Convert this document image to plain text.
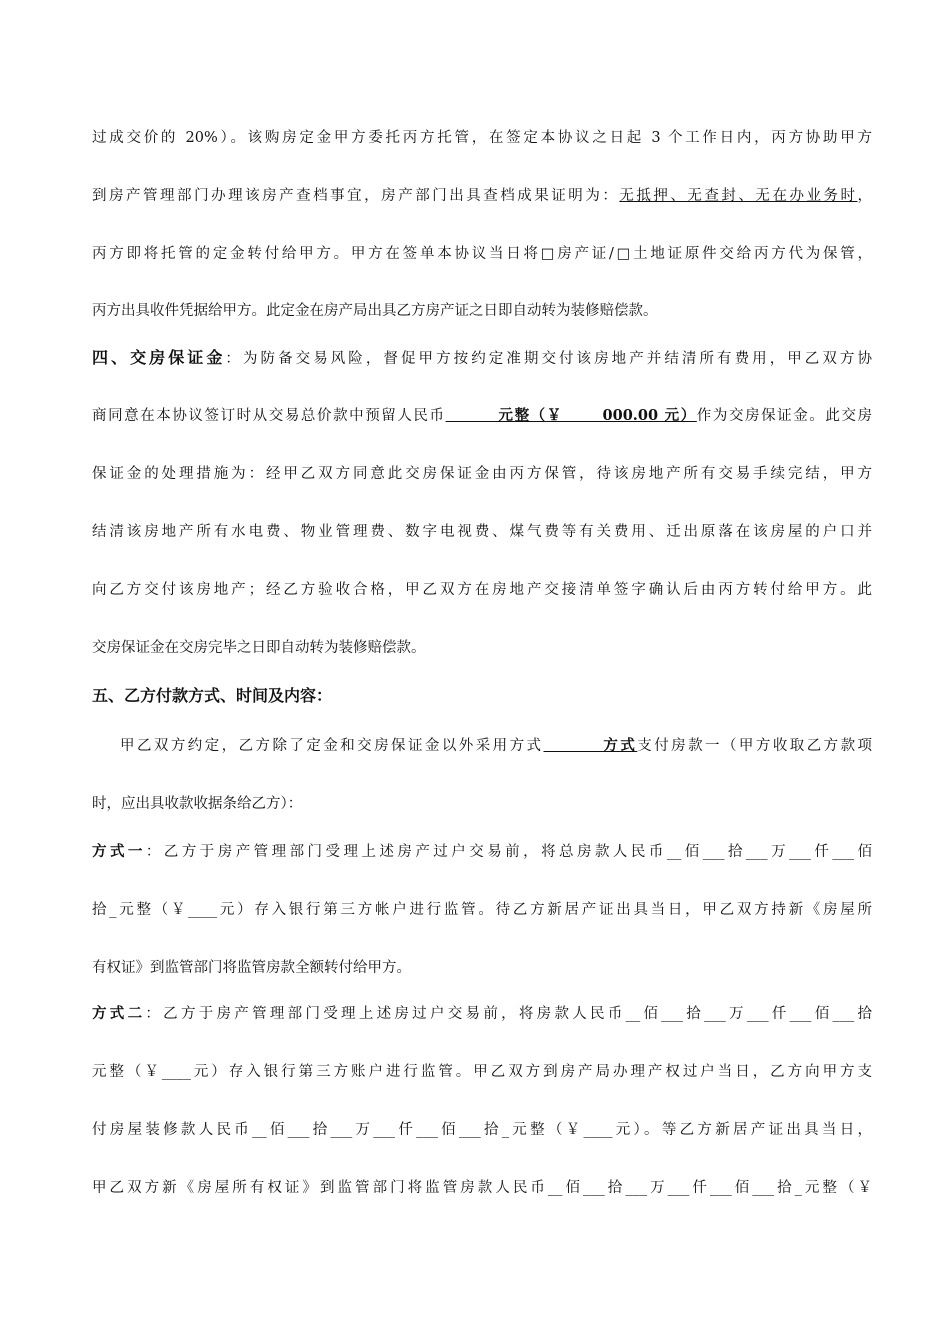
过成交价的 20%）。该购房定金甲方委托丙方托管，在签定本协议之日起 3 个工作日内，丙方协助甲方
到房产管理部门办理该房产查档事宜，房产部门出具查档成果证明为：无抵押、无查封、无在办业务时，
丙方即将托管的定金转付给甲方。甲方在签单本协议当日将□房产证/□土地证原件交给丙方代为保管，
丙方出具收件凭据给甲方。此定金在房产局出具乙方房产证之日即自动转为装修赔偿款。
四、交房保证金：为防备交易风险，督促甲方按约定准期交付该房地产并结清所有费用，甲乙双方协
商同意在本协议签订时从交易总价款中预留人民币        元整（￥      000.00 元）作为交房保证金。此交房
保证金的处理措施为：经甲乙双方同意此交房保证金由丙方保管，待该房地产所有交易手续完结，甲方
结清该房地产所有水电费、物业管理费、数字电视费、煤气费等有关费用、迁出原落在该房屋的户口并
向乙方交付该房地产；经乙方验收合格，甲乙双方在房地产交接清单签字确认后由丙方转付给甲方。此
交房保证金在交房完毕之日即自动转为装修赔偿款。
五、乙方付款方式、时间及内容：
甲乙双方约定，乙方除了定金和交房保证金以外采用方式        方式支付房款一（甲方收取乙方款项
时，应出具收款收据条给乙方）：
方式一：乙方于房产管理部门受理上述房产过户交易前，将总房款人民币__佰___拾___万___仟___佰
拾_元整（￥____元）存入银行第三方帐户进行监管。待乙方新居产证出具当日，甲乙双方持新《房屋所
有权证》到监管部门将监管房款全额转付给甲方。
方式二：乙方于房产管理部门受理上述房过户交易前，将房款人民币__佰___拾___万___仟___佰___拾
元整（￥____元）存入银行第三方账户进行监管。甲乙双方到房产局办理产权过户当日，乙方向甲方支
付房屋装修款人民币__佰___拾___万___仟___佰___拾_元整（￥____元）。等乙方新居产证出具当日，
甲乙双方新《房屋所有权证》到监管部门将监管房款人民币__佰___拾___万___仟___佰___拾_元整（￥
